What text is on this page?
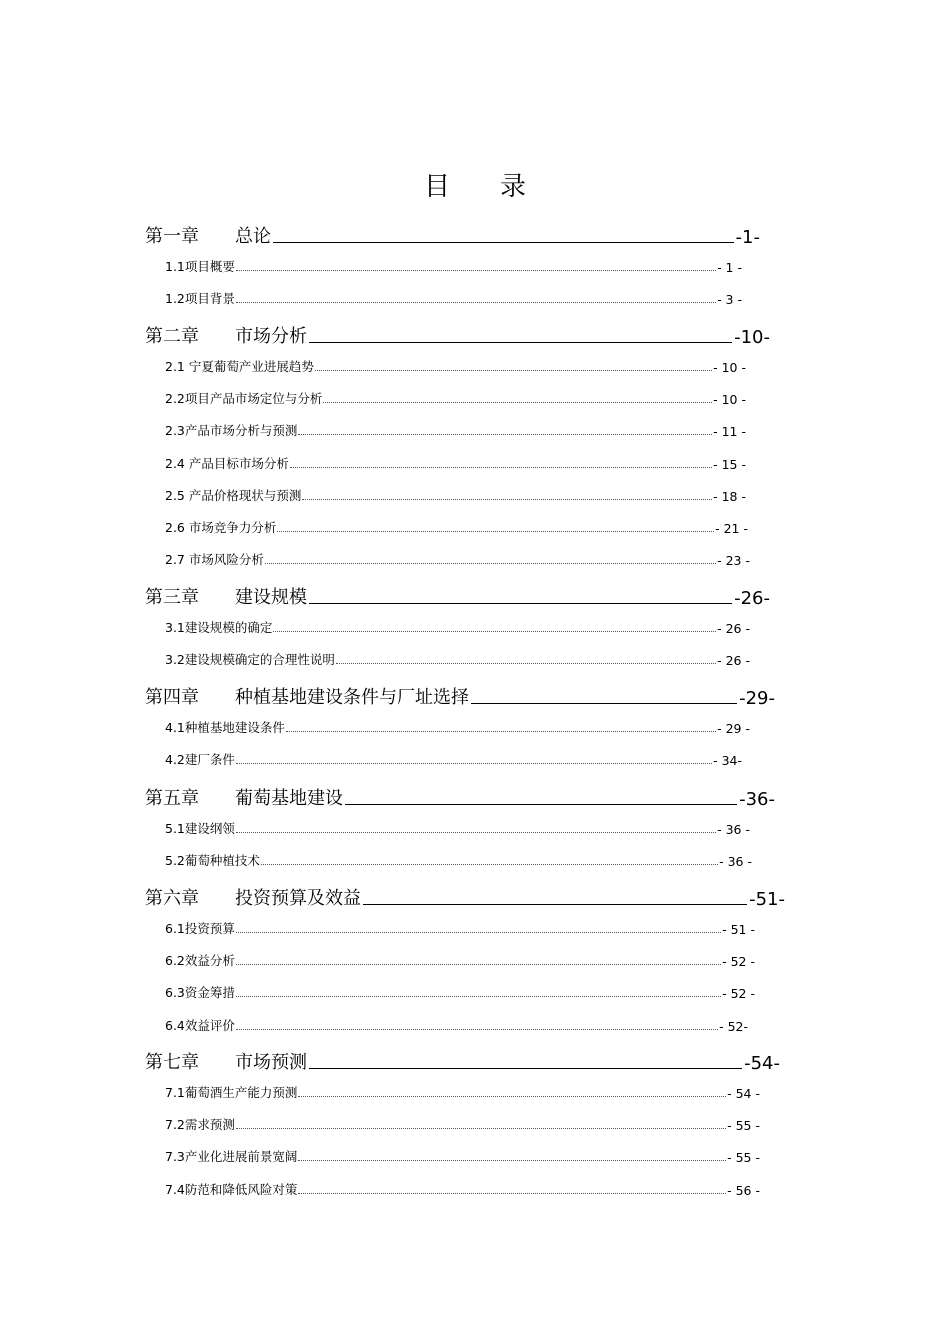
目 录
第一章	总论	-1-
1.1项目概要	- 1 -
1.2项目背景	- 3 -
第二章	市场分析	-10-
2.1 宁夏葡萄产业进展趋势	- 10 -
2.2项目产品市场定位与分析	- 10 -
2.3产品市场分析与预测	- 11 -
2.4 产品目标市场分析	- 15 -
2.5 产品价格现状与预测	- 18 -
2.6 市场竞争力分析	- 21 -
2.7 市场风险分析	- 23 -
第三章	建设规模	-26-
3.1建设规模的确定	- 26 -
3.2建设规模确定的合理性说明	- 26 -
第四章	种植基地建设条件与厂址选择	-29-
4.1种植基地建设条件	- 29 -
4.2建厂条件	- 34-
第五章	葡萄基地建设	-36-
5.1建设纲领	- 36 -
5.2葡萄种植技术	- 36 -
第六章	投资预算及效益	-51-
6.1投资预算	- 51 -
6.2效益分析	- 52 -
6.3资金筹措	- 52 -
6.4效益评价	- 52-
第七章	市场预测	-54-
7.1葡萄酒生产能力预测	- 54 -
7.2需求预测	- 55 -
7.3产业化进展前景宽阔	- 55 -
7.4防范和降低风险对策	- 56 -
